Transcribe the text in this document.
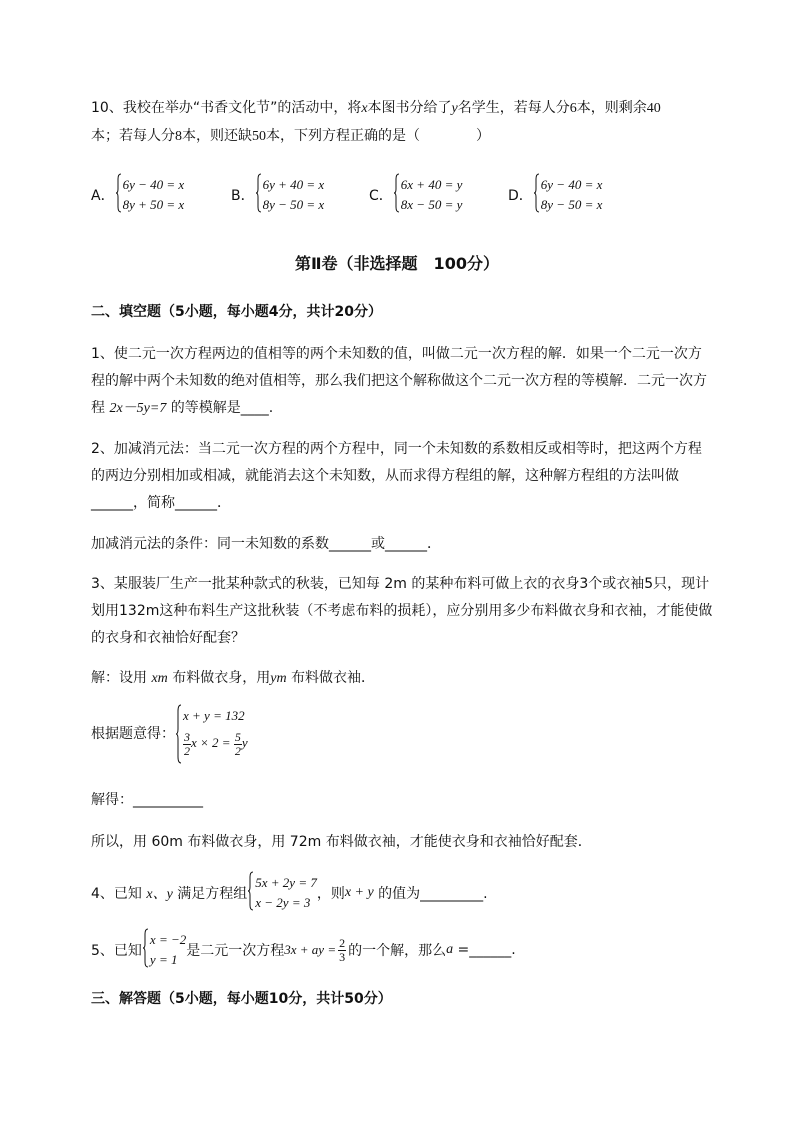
10、我校在举办“书香文化节”的活动中，将x本图书分给了y名学生，若每人分6本，则剩余40
本；若每人分8本，则还缺50本，下列方程正确的是（　　　　）
A．
6y − 40 = x
8y + 50 = x
B．
6y + 40 = x
8y − 50 = x
C．
6x + 40 = y
8x − 50 = y
D．
6y − 40 = x
8y − 50 = x
第Ⅱ卷（非选择题　100分）
二、填空题（5小题，每小题4分，共计20分）
1、使二元一次方程两边的值相等的两个未知数的值，叫做二元一次方程的解．如果一个二元一次方
程的解中两个未知数的绝对值相等，那么我们把这个解称做这个二元一次方程的等模解．二元一次方
程 2x－5y=7 的等模解是____.
2、加减消元法：当二元一次方程的两个方程中，同一个未知数的系数相反或相等时，把这两个方程
的两边分别相加或相减，就能消去这个未知数，从而求得方程组的解，这种解方程组的方法叫做
______，简称______．
加减消元法的条件：同一未知数的系数______或______．
3、某服装厂生产一批某种款式的秋装，已知每 2m 的某种布料可做上衣的衣身3个或衣袖5只，现计
划用132m这种布料生产这批秋装（不考虑布料的损耗），应分别用多少布料做衣身和衣袖，才能使做
的衣身和衣袖恰好配套？
解：设用 xm 布料做衣身，用ym 布料做衣袖．
根据题意得：
x + y = 132
$\frac{3}{2}$ $x \times 2 = \frac{5}{2}$ y
解得：__________
所以，用 60m 布料做衣身，用 72m 布料做衣袖，才能使衣身和衣袖恰好配套．
4、已知 x、y 满足方程组
5x + 2y = 7
x − 2y = 3
，则x + y 的值为_________.
5、已知
x = −2
y = 1
是二元一次方程3x + ay = $\frac{2}{3}$ 的一个解，那么a =______.
三、解答题（5小题，每小题10分，共计50分）
